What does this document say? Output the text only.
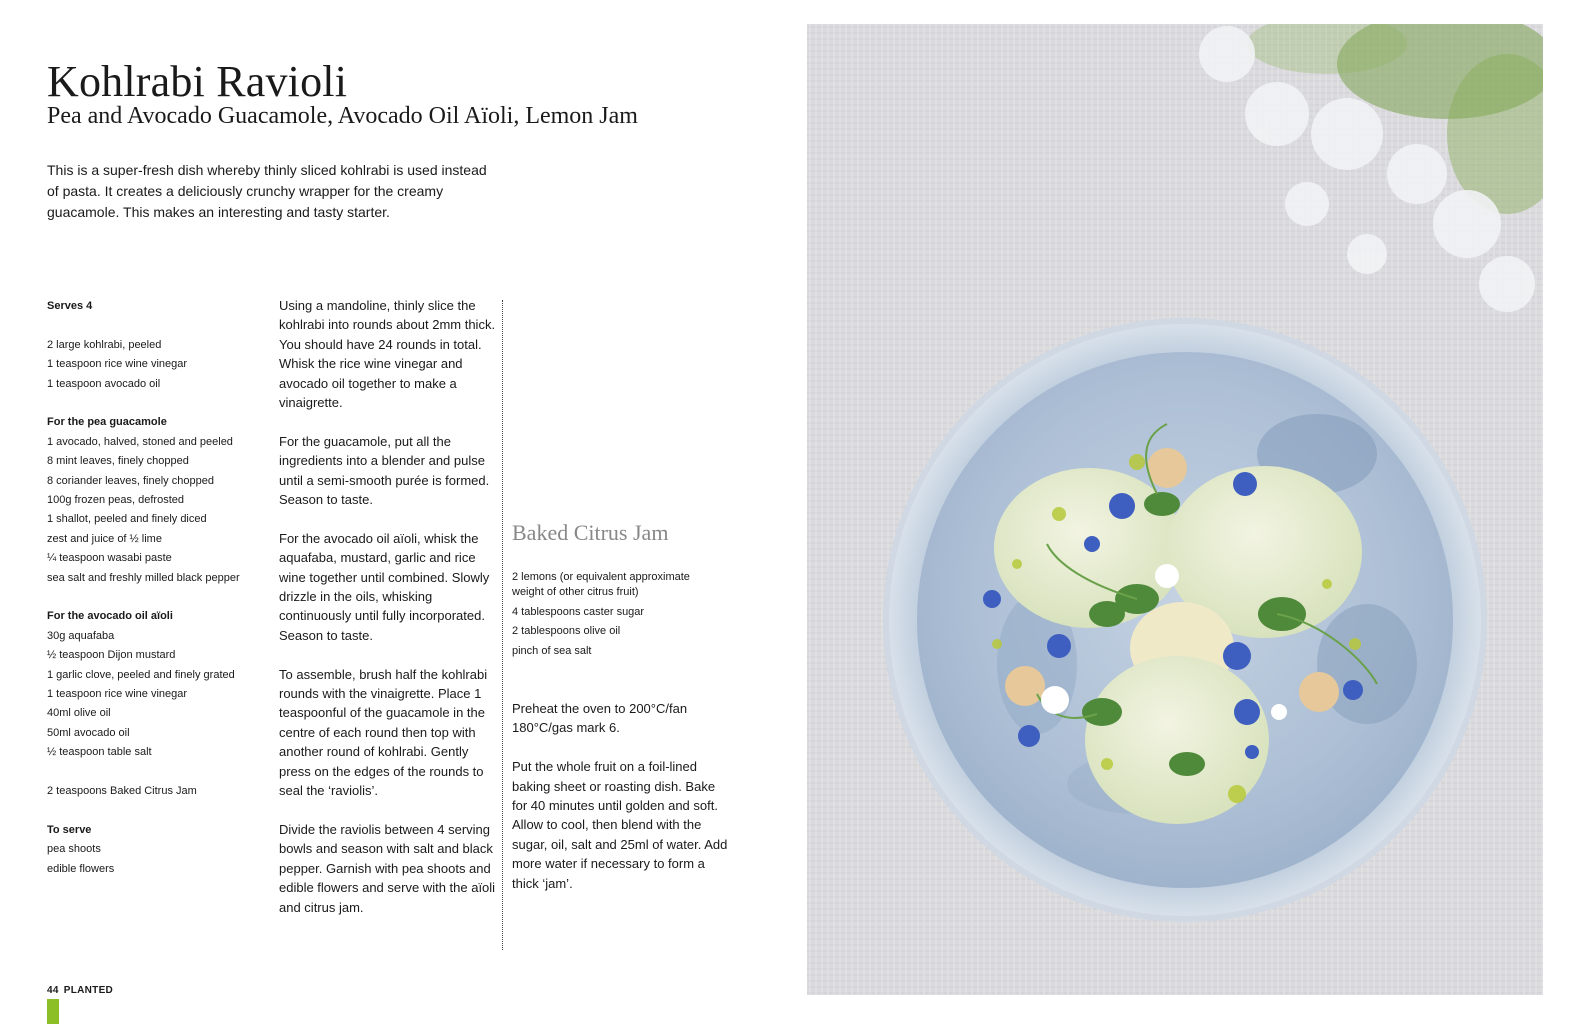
Kohlrabi Ravioli
Pea and Avocado Guacamole, Avocado Oil Aïoli, Lemon Jam

This is a super-fresh dish whereby thinly sliced kohlrabi is used instead of pasta. It creates a deliciously crunchy wrapper for the creamy guacamole. This makes an interesting and tasty starter.

Serves 4
2 large kohlrabi, peeled
1 teaspoon rice wine vinegar
1 teaspoon avocado oil
For the pea guacamole
1 avocado, halved, stoned and peeled
8 mint leaves, finely chopped
8 coriander leaves, finely chopped
100g frozen peas, defrosted
1 shallot, peeled and finely diced
zest and juice of ½ lime
¼ teaspoon wasabi paste
sea salt and freshly milled black pepper
For the avocado oil aïoli
30g aquafaba
½ teaspoon Dijon mustard
1 garlic clove, peeled and finely grated
1 teaspoon rice wine vinegar
40ml olive oil
50ml avocado oil
½ teaspoon table salt
2 teaspoons Baked Citrus Jam
To serve
pea shoots
edible flowers

Using a mandoline, thinly slice the kohlrabi into rounds about 2mm thick. You should have 24 rounds in total. Whisk the rice wine vinegar and avocado oil together to make a vinaigrette.

For the guacamole, put all the ingredients into a blender and pulse until a semi-smooth purée is formed. Season to taste.

For the avocado oil aïoli, whisk the aquafaba, mustard, garlic and rice wine together until combined. Slowly drizzle in the oils, whisking continuously until fully incorporated. Season to taste.

To assemble, brush half the kohlrabi rounds with the vinaigrette. Place 1 teaspoonful of the guacamole in the centre of each round then top with another round of kohlrabi. Gently press on the edges of the rounds to seal the ‘raviolis’.

Divide the raviolis between 4 serving bowls and season with salt and black pepper. Garnish with pea shoots and edible flowers and serve with the aïoli and citrus jam.

Baked Citrus Jam
2 lemons (or equivalent approximate weight of other citrus fruit)
4 tablespoons caster sugar
2 tablespoons olive oil
pinch of sea salt

Preheat the oven to 200°C/fan 180°C/gas mark 6.

Put the whole fruit on a foil-lined baking sheet or roasting dish. Bake for 40 minutes until golden and soft. Allow to cool, then blend with the sugar, oil, salt and 25ml of water. Add more water if necessary to form a thick ‘jam’.

44 PLANTED
